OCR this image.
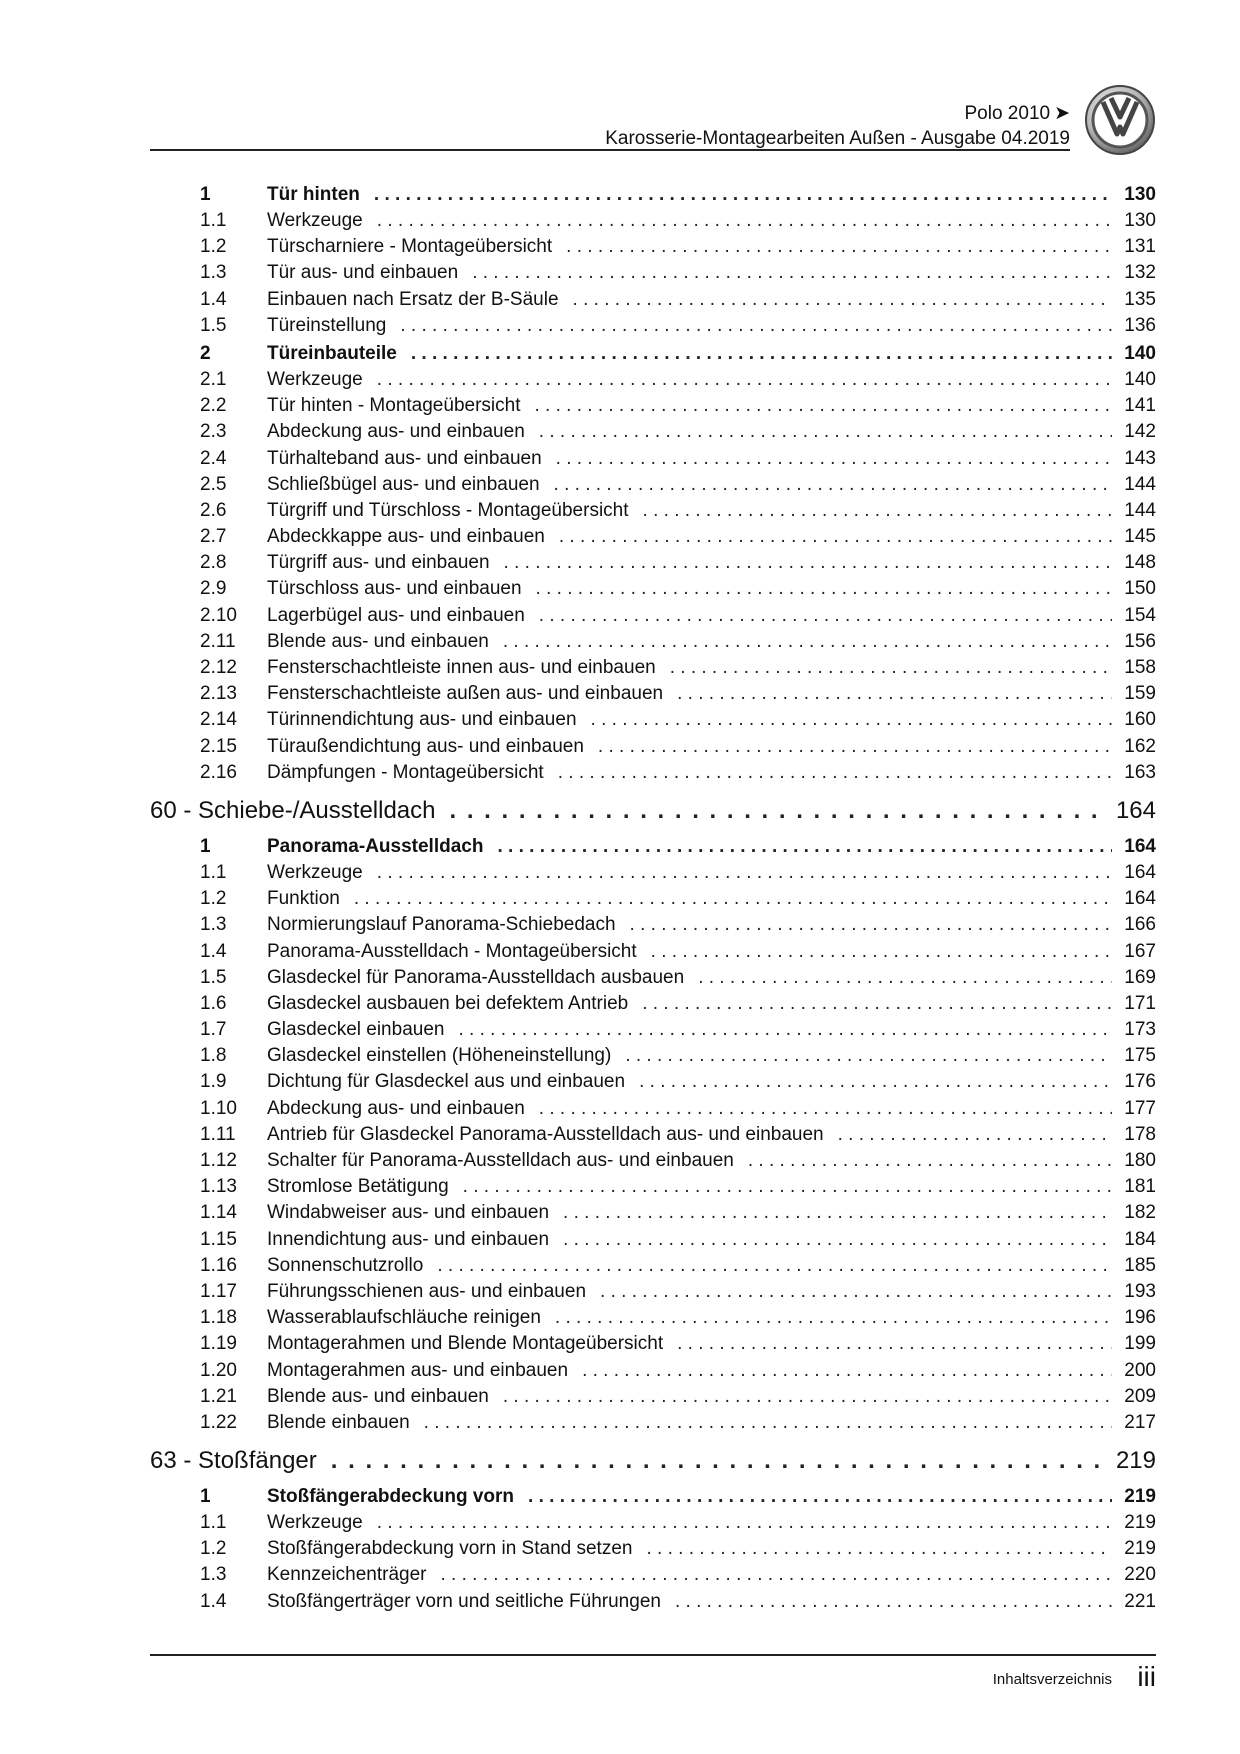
Polo 2010 ➤
Karosserie-Montagearbeiten Außen - Ausgabe 04.2019
1	Tür hinten . . .	130
1.1 Werkzeuge . . .	130
1.2 Türscharniere - Montageübersicht . . .	131
1.3 Tür aus- und einbauen . . .	132
1.4 Einbauen nach Ersatz der B-Säule . . .	135
1.5 Türeinstellung . . .	136
2	Türeinbauteile . . .	140
2.1 Werkzeuge . . .	140
2.2 Tür hinten - Montageübersicht . . .	141
2.3 Abdeckung aus- und einbauen . . .	142
2.4 Türhalteband aus- und einbauen . . .	143
2.5 Schließbügel aus- und einbauen . . .	144
2.6 Türgriff und Türschloss - Montageübersicht . . .	144
2.7 Abdeckkappe aus- und einbauen . . .	145
2.8 Türgriff aus- und einbauen . . .	148
2.9 Türschloss aus- und einbauen . . .	150
2.10 Lagerbügel aus- und einbauen . . .	154
2.11 Blende aus- und einbauen . . .	156
2.12 Fensterschachtleiste innen aus- und einbauen . . .	158
2.13 Fensterschachtleiste außen aus- und einbauen . . .	159
2.14 Türinnendichtung aus- und einbauen . . .	160
2.15 Türaußendichtung aus- und einbauen . . .	162
2.16 Dämpfungen - Montageübersicht . . .	163
60 - Schiebe-/Ausstelldach . . .	164
1	Panorama-Ausstelldach . . .	164
1.1 Werkzeuge . . .	164
1.2 Funktion . . .	164
1.3 Normierungslauf Panorama-Schiebedach . . .	166
1.4 Panorama-Ausstelldach - Montageübersicht . . .	167
1.5 Glasdeckel für Panorama-Ausstelldach ausbauen . . .	169
1.6 Glasdeckel ausbauen bei defektem Antrieb . . .	171
1.7 Glasdeckel einbauen . . .	173
1.8 Glasdeckel einstellen (Höheneinstellung) . . .	175
1.9 Dichtung für Glasdeckel aus und einbauen . . .	176
1.10 Abdeckung aus- und einbauen . . .	177
1.11 Antrieb für Glasdeckel Panorama-Ausstelldach aus- und einbauen . . .	178
1.12 Schalter für Panorama-Ausstelldach aus- und einbauen . . .	180
1.13 Stromlose Betätigung . . .	181
1.14 Windabweiser aus- und einbauen . . .	182
1.15 Innendichtung aus- und einbauen . . .	184
1.16 Sonnenschutzrollo . . .	185
1.17 Führungsschienen aus- und einbauen . . .	193
1.18 Wasserablaufschläuche reinigen . . .	196
1.19 Montagerahmen und Blende Montageübersicht . . .	199
1.20 Montagerahmen aus- und einbauen . . .	200
1.21 Blende aus- und einbauen . . .	209
1.22 Blende einbauen . . .	217
63 - Stoßfänger . . .	219
1	Stoßfängerabdeckung vorn . . .	219
1.1 Werkzeuge . . .	219
1.2 Stoßfängerabdeckung vorn in Stand setzen . . .	219
1.3 Kennzeichenträger . . .	220
1.4 Stoßfängerträger vorn und seitliche Führungen . . .	221
Inhaltsverzeichnis iii
